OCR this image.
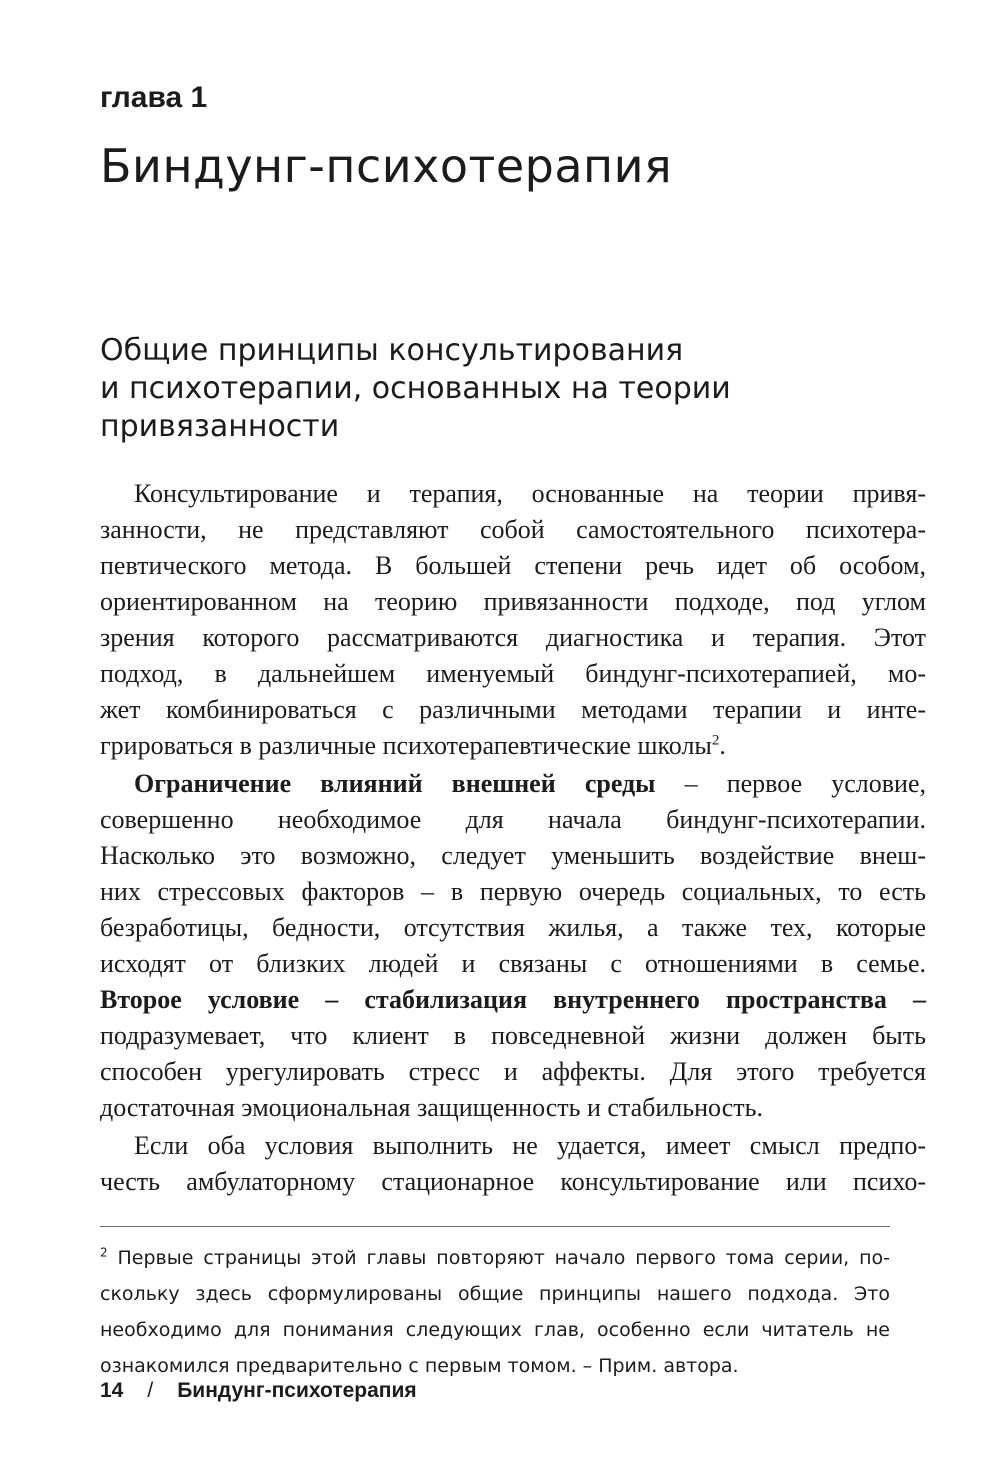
глава 1
Биндунг-психотерапия
Общие принципы консультирования
и психотерапии, основанных на теории
привязанности
Консультирование и терапия, основанные на теории привя-
занности, не представляют собой самостоятельного психотера-
певтического метода. В большей степени речь идет об особом,
ориентированном на теорию привязанности подходе, под углом
зрения которого рассматриваются диагностика и терапия. Этот
подход, в дальнейшем именуемый биндунг-психотерапией, мо-
жет комбинироваться с различными методами терапии и инте-
грироваться в различные психотерапевтические школы$^2$.
Ограничение влияний внешней среды – первое условие,
совершенно необходимое для начала биндунг-психотерапии.
Насколько это возможно, следует уменьшить воздействие внеш-
них стрессовых факторов – в первую очередь социальных, то есть
безработицы, бедности, отсутствия жилья, а также тех, которые
исходят от близких людей и связаны с отношениями в семье.
Второе условие – стабилизация внутреннего пространства –
подразумевает, что клиент в повседневной жизни должен быть
способен урегулировать стресс и аффекты. Для этого требуется
достаточная эмоциональная защищенность и стабильность.
Если оба условия выполнить не удается, имеет смысл предпо-
честь амбулаторному стационарное консультирование или психо-
$^2$ Первые страницы этой главы повторяют начало первого тома серии, по-
скольку здесь сформулированы общие принципы нашего подхода. Это
необходимо для понимания следующих глав, особенно если читатель не
ознакомился предварительно с первым томом. – Прим. автора.
14 / Биндунг-психотерапия
